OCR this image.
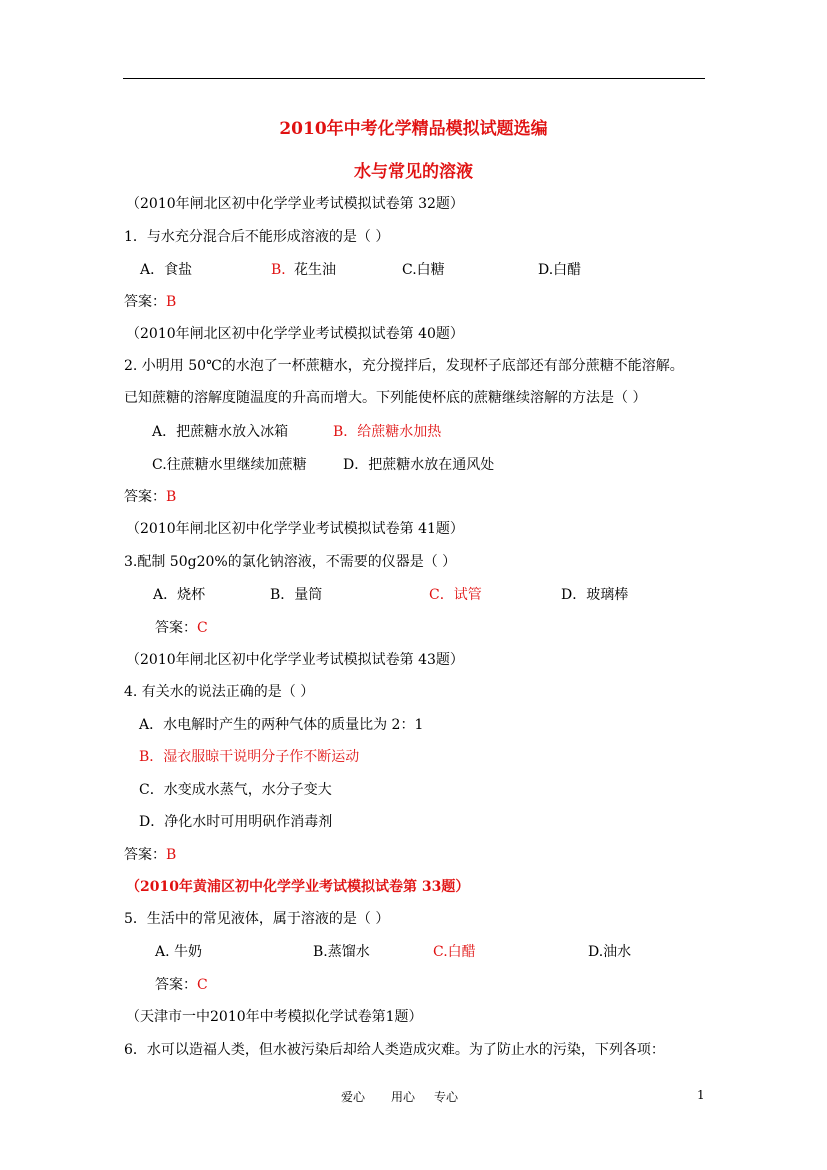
2010年中考化学精品模拟试题选编
水与常见的溶液
（2010年闸北区初中化学学业考试模拟试卷第 32题）
1．与水充分混合后不能形成溶液的是（ ）
A．食盐	B．
花生油	C.白糖	D.白醋
答案：B
（2010年闸北区初中化学学业考试模拟试卷第 40题）
2. 小明用 50℃的水泡了一杯蔗糖水，充分搅拌后，发现杯子底部还有部分蔗糖不能溶解。
已知蔗糖的溶解度随温度的升高而增大。下列能使杯底的蔗糖继续溶解的方法是（ ）
A．把蔗糖水放入冰箱	B．给蔗糖水加热
C.往蔗糖水里继续加蔗糖	D．把蔗糖水放在通风处
答案：B
（2010年闸北区初中化学学业考试模拟试卷第 41题）
3.配制 50g20%的氯化钠溶液，不需要的仪器是（ ）
A．烧杯	B．量筒	C．试管	D．玻璃棒
答案：C
（2010年闸北区初中化学学业考试模拟试卷第 43题）
4. 有关水的说法正确的是（ ）
A．水电解时产生的两种气体的质量比为 2：1
B．湿衣服晾干说明分子作不断运动
C．水变成水蒸气，水分子变大
D．净化水时可用明矾作消毒剂
答案：B
（2010年黄浦区初中化学学业考试模拟试卷第 33题）
5．生活中的常见液体，属于溶液的是（ ）
A. 牛奶	B.蒸馏水	C.白醋	D.油水
答案：C
（天津市一中2010年中考模拟化学试卷第1题）
6．水可以造福人类，但水被污染后却给人类造成灾难。为了防止水的污染，下列各项：
爱心 用心 专心	1
